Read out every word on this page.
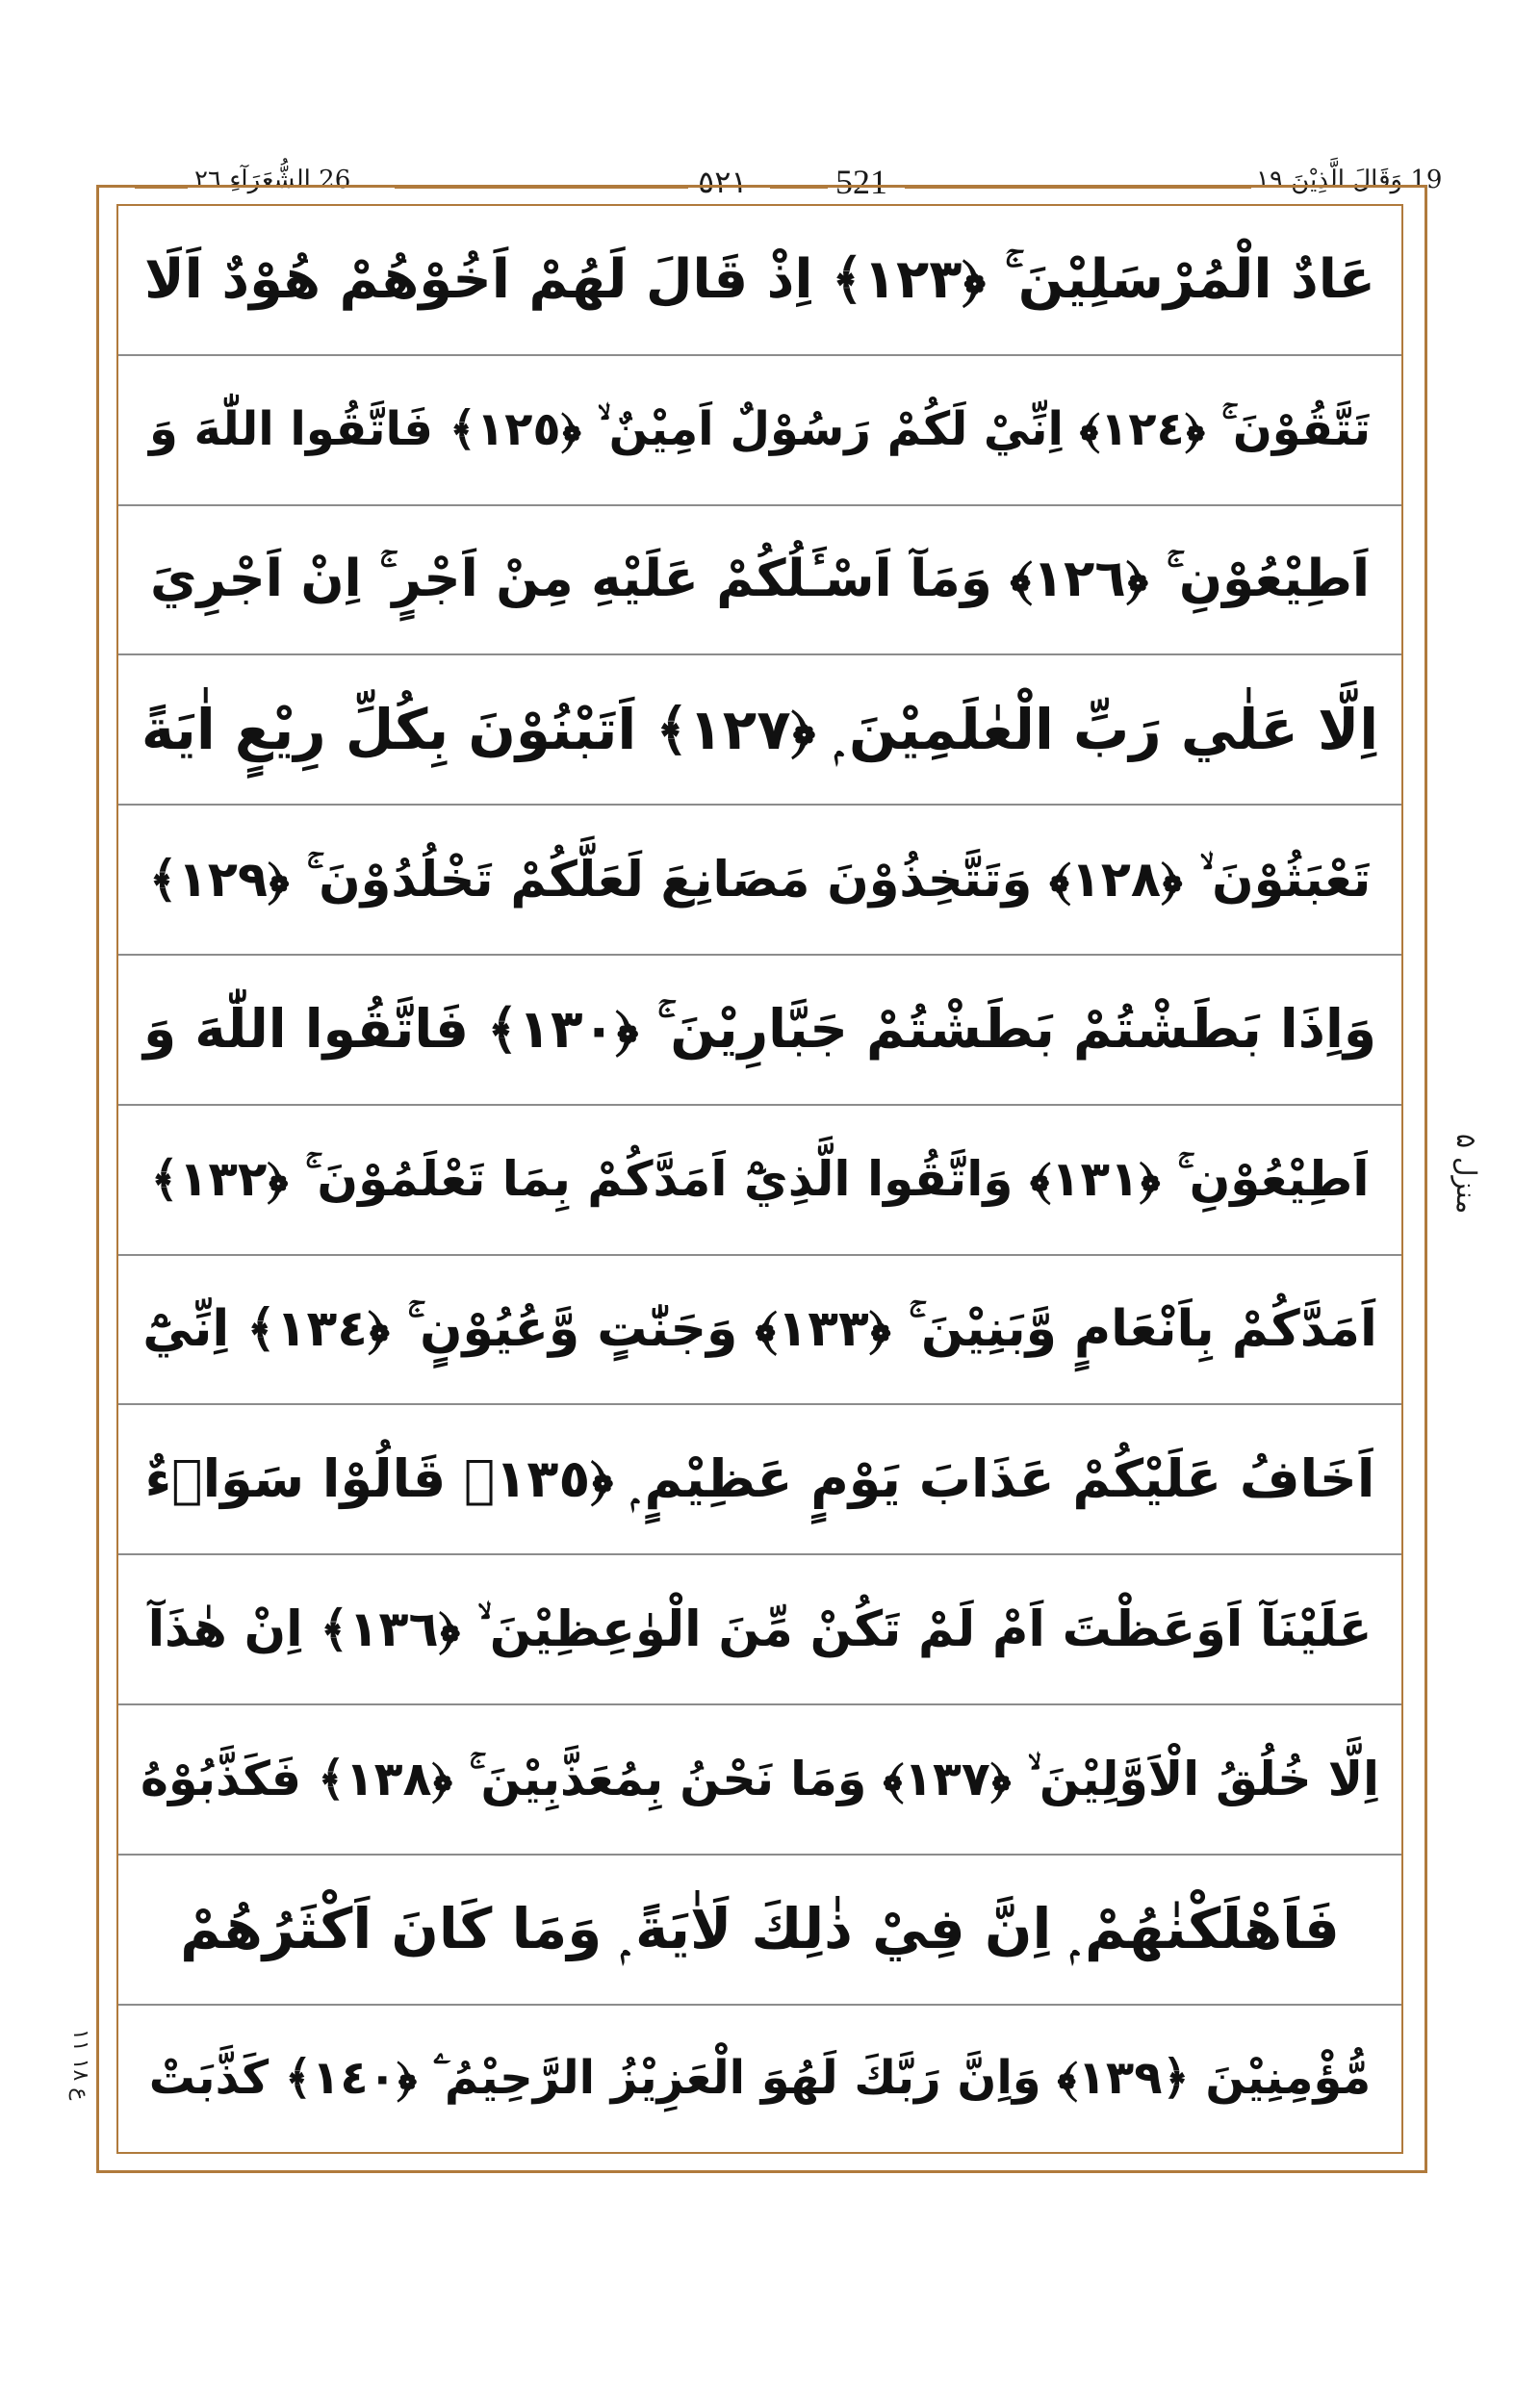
26 الشُّعَرَآءِ ٢٦	٥٢١	521	19 وَقَالَ الَّذِيْنَ ١٩
عَادٌ الْمُرْسَلِيْنَ ۚ ﴿١٢٣﴾ اِذْ قَالَ لَهُمْ اَخُوْهُمْ هُوْدٌ اَلَا
تَتَّقُوْنَ ۚ ﴿١٢٤﴾ اِنِّيْ لَكُمْ رَسُوْلٌ اَمِيْنٌ ۙ ﴿١٢٥﴾ فَاتَّقُوا اللّٰهَ وَ
اَطِيْعُوْنِ ۚ ﴿١٢٦﴾ وَمَآ اَسْـَٔلُكُمْ عَلَيْهِ مِنْ اَجْرٍ ۚ اِنْ اَجْرِيَ
اِلَّا عَلٰي رَبِّ الْعٰلَمِيْنَ ۭ ﴿١٢٧﴾ اَتَبْنُوْنَ بِكُلِّ رِيْعٍ اٰيَةً
تَعْبَثُوْنَ ۙ ﴿١٢٨﴾ وَتَتَّخِذُوْنَ مَصَانِعَ لَعَلَّكُمْ تَخْلُدُوْنَ ۚ ﴿١٢٩﴾
وَاِذَا بَطَشْتُمْ بَطَشْتُمْ جَبَّارِيْنَ ۚ ﴿١٣٠﴾ فَاتَّقُوا اللّٰهَ وَ
اَطِيْعُوْنِ ۚ ﴿١٣١﴾ وَاتَّقُوا الَّذِيْٓ اَمَدَّكُمْ بِمَا تَعْلَمُوْنَ ۚ ﴿١٣٢﴾
اَمَدَّكُمْ بِاَنْعَامٍ وَّبَنِيْنَ ۚ ﴿١٣٣﴾ وَجَنّٰتٍ وَّعُيُوْنٍ ۚ ﴿١٣٤﴾ اِنِّيْٓ
اَخَافُ عَلَيْكُمْ عَذَابَ يَوْمٍ عَظِيْمٍ ۭ ﴿١٣٥﴾ قَالُوْا سَوَاۗءٌ
عَلَيْنَآ اَوَعَظْتَ اَمْ لَمْ تَكُنْ مِّنَ الْوٰعِظِيْنَ ۙ ﴿١٣٦﴾ اِنْ هٰذَآ
اِلَّا خُلُقُ الْاَوَّلِيْنَ ۙ ﴿١٣٧﴾ وَمَا نَحْنُ بِمُعَذَّبِيْنَ ۚ ﴿١٣٨﴾ فَكَذَّبُوْهُ
فَاَهْلَكْنٰهُمْ ۭ اِنَّ فِيْ ذٰلِكَ لَاٰيَةً ۭ وَمَا كَانَ اَكْثَرُهُمْ
مُّؤْمِنِيْنَ ﴿١٣٩﴾ وَاِنَّ رَبَّكَ لَهُوَ الْعَزِيْزُ الرَّحِيْمُ ۧ ﴿١٤٠﴾ كَذَّبَتْ
منزل ۵
ع ١٨ ١١
